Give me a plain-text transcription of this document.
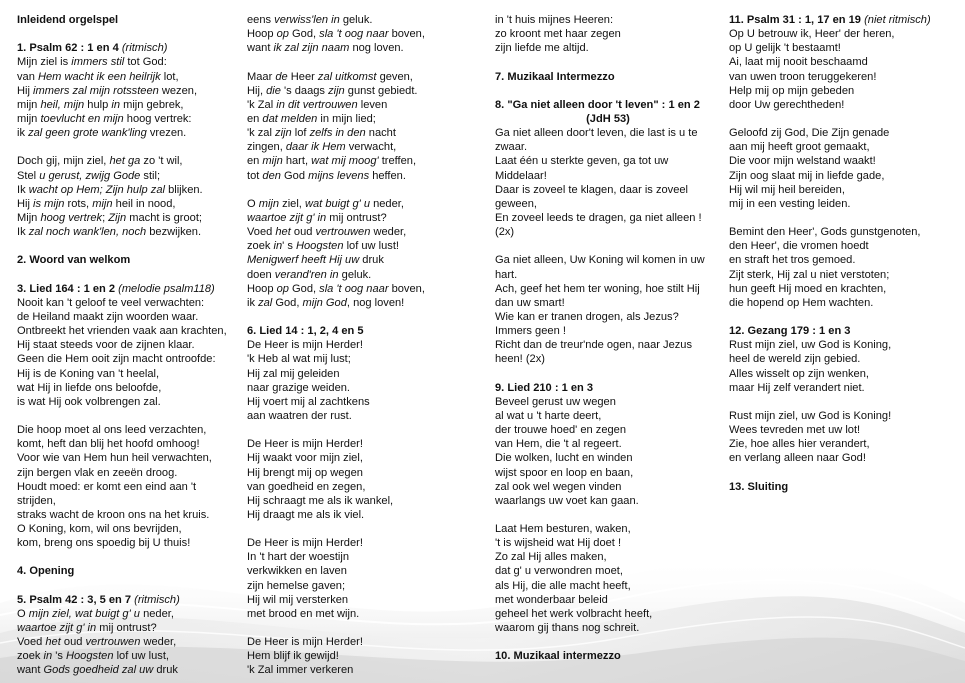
Inleidend orgelspel
1. Psalm 62 : 1 en 4 (ritmisch)
Mijn ziel is immers stil tot God:
van Hem wacht ik een heilrijk lot,
Hij immers zal mijn rotssteen wezen,
mijn heil, mijn hulp in mijn gebrek,
mijn toevlucht en mijn hoog vertrek:
ik zal geen grote wank'ling vrezen.
Doch gij, mijn ziel, het ga zo 't wil,
Stel u gerust, zwijg Gode stil;
Ik wacht op Hem; Zijn hulp zal blijken.
Hij is mijn rots, mijn heil in nood,
Mijn hoog vertrek; Zijn macht is groot;
Ik zal noch wank'len, noch bezwijken.
2. Woord van welkom
3. Lied 164 : 1 en 2 (melodie psalm118)
Nooit kan 't geloof te veel verwachten:
de Heiland maakt zijn woorden waar.
Ontbreekt het vrienden vaak aan krachten,
Hij staat steeds voor de zijnen klaar.
Geen die Hem ooit zijn macht ontroofde:
Hij is de Koning van 't heelal,
wat Hij in liefde ons beloofde,
is wat Hij ook volbrengen zal.
Die hoop moet al ons leed verzachten,
komt, heft dan blij het hoofd omhoog!
Voor wie van Hem hun heil verwachten,
zijn bergen vlak en zeeën droog.
Houdt moed: er komt een eind aan 't
strijden,
straks wacht de kroon ons na het kruis.
O Koning, kom, wil ons bevrijden,
kom, breng ons spoedig bij U thuis!
4. Opening
5. Psalm 42 : 3, 5 en 7 (ritmisch)
O mijn ziel, wat buigt g' u neder,
waartoe zijt g' in mij ontrust?
Voed het oud vertrouwen weder,
zoek in 's Hoogsten lof uw lust,
want Gods goedheid zal uw druk
eens verwiss'len in geluk.
Hoop op God, sla 't oog naar boven,
want ik zal zijn naam nog loven.
Maar de Heer zal uitkomst geven,
Hij, die 's daags zijn gunst gebiedt.
'k Zal in dit vertrouwen leven
en dat melden in mijn lied;
'k zal zijn lof zelfs in den nacht
zingen, daar ik Hem verwacht,
en mijn hart, wat mij moog' treffen,
tot den God mijns levens heffen.
O mijn ziel, wat buigt g' u neder,
waartoe zijt g' in mij ontrust?
Voed het oud vertrouwen weder,
zoek in' s Hoogsten lof uw lust!
Menigwerf heeft Hij uw druk
doen verand'ren in geluk.
Hoop op God, sla 't oog naar boven,
ik zal God, mijn God, nog loven!
6. Lied 14 : 1, 2, 4 en 5
De Heer is mijn Herder!
'k Heb al wat mij lust;
Hij zal mij geleiden
naar grazige weiden.
Hij voert mij al zachtkens
aan waatren der rust.
De Heer is mijn Herder!
Hij waakt voor mijn ziel,
Hij brengt mij op wegen
van goedheid en zegen,
Hij schraagt me als ik wankel,
Hij draagt me als ik viel.
De Heer is mijn Herder!
In 't hart der woestijn
verkwikken en laven
zijn hemelse gaven;
Hij wil mij versterken
met brood en met wijn.
De Heer is mijn Herder!
Hem blijf ik gewijd!
'k Zal immer verkeren
in 't huis mijnes Heeren:
zo kroont met haar zegen
zijn liefde me altijd.
7. Muzikaal Intermezzo
8. "Ga niet alleen door 't leven" : 1 en 2
(JdH 53)
Ga niet alleen door't leven, die last is u te
zwaar.
Laat één u sterkte geven, ga tot uw
Middelaar!
Daar is zoveel te klagen, daar is zoveel
geween,
En zoveel leeds te dragen, ga niet alleen !
(2x)
Ga niet alleen, Uw Koning wil komen in uw
hart.
Ach, geef het hem ter woning, hoe stilt Hij
dan uw smart!
Wie kan er tranen drogen, als Jezus?
Immers geen !
Richt dan de treur'nde ogen, naar Jezus
heen! (2x)
9. Lied 210 : 1 en 3
Beveel gerust uw wegen
al wat u 't harte deert,
der trouwe hoed' en zegen
van Hem, die 't al regeert.
Die wolken, lucht en winden
wijst spoor en loop en baan,
zal ook wel wegen vinden
waarlangs uw voet kan gaan.
Laat Hem besturen, waken,
't is wijsheid wat Hij doet !
Zo zal Hij alles maken,
dat g' u verwondren moet,
als Hij, die alle macht heeft,
met wonderbaar beleid
geheel het werk volbracht heeft,
waarom gij thans nog schreit.
10. Muzikaal intermezzo
11. Psalm 31 : 1, 17 en 19 (niet ritmisch)
Op U betrouw ik, Heer' der heren,
op U gelijk 't bestaamt!
Ai, laat mij nooit beschaamd
van uwen troon teruggekeren!
Help mij op mijn gebeden
door Uw gerechtheden!
Geloofd zij God, Die Zijn genade
aan mij heeft groot gemaakt,
Die voor mijn welstand waakt!
Zijn oog slaat mij in liefde gade,
Hij wil mij heil bereiden,
mij in een vesting leiden.
Bemint den Heer', Gods gunstgenoten,
den Heer', die vromen hoedt
en straft het tros gemoed.
Zijt sterk, Hij zal u niet verstoten;
hun geeft Hij moed en krachten,
die hopend op Hem wachten.
12. Gezang 179 : 1 en 3
Rust mijn ziel, uw God is Koning,
heel de wereld zijn gebied.
Alles wisselt op zijn wenken,
maar Hij zelf verandert niet.
Rust mijn ziel, uw God is Koning!
Wees tevreden met uw lot!
Zie, hoe alles hier verandert,
en verlang alleen naar God!
13. Sluiting
